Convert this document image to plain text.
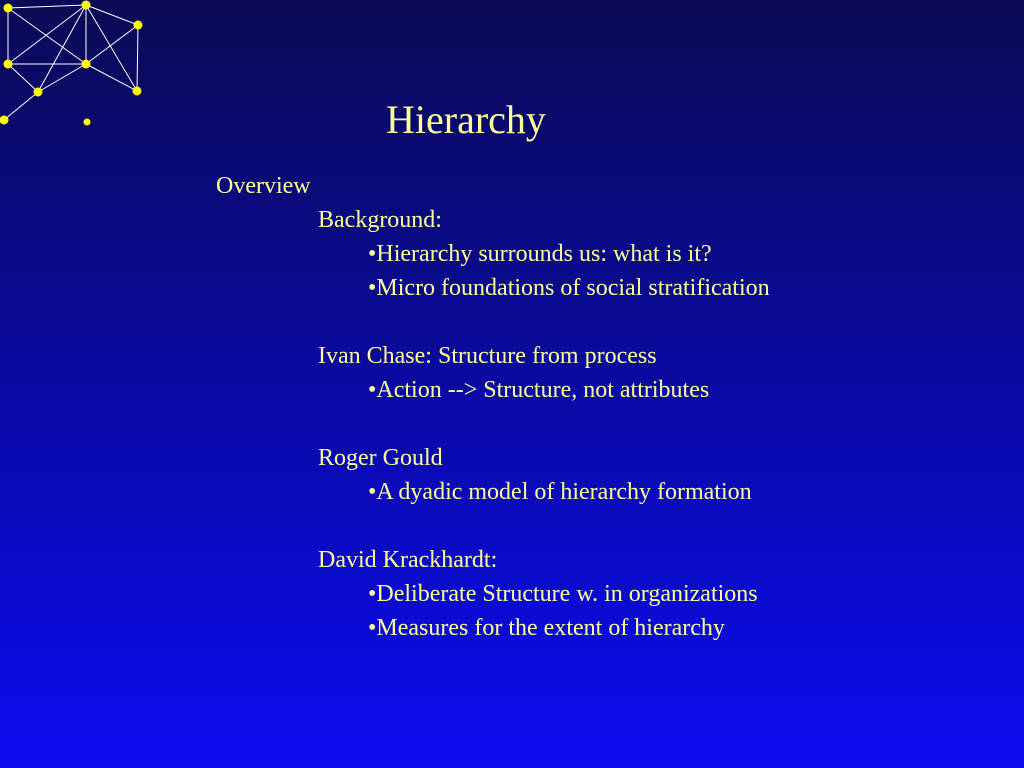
Hierarchy
Overview
Background:
•Hierarchy surrounds us: what is it?
•Micro foundations of social stratification
Ivan Chase: Structure from process
•Action --> Structure, not attributes
Roger Gould
•A dyadic model of hierarchy formation
David Krackhardt:
•Deliberate Structure w. in organizations
•Measures for the extent of hierarchy
